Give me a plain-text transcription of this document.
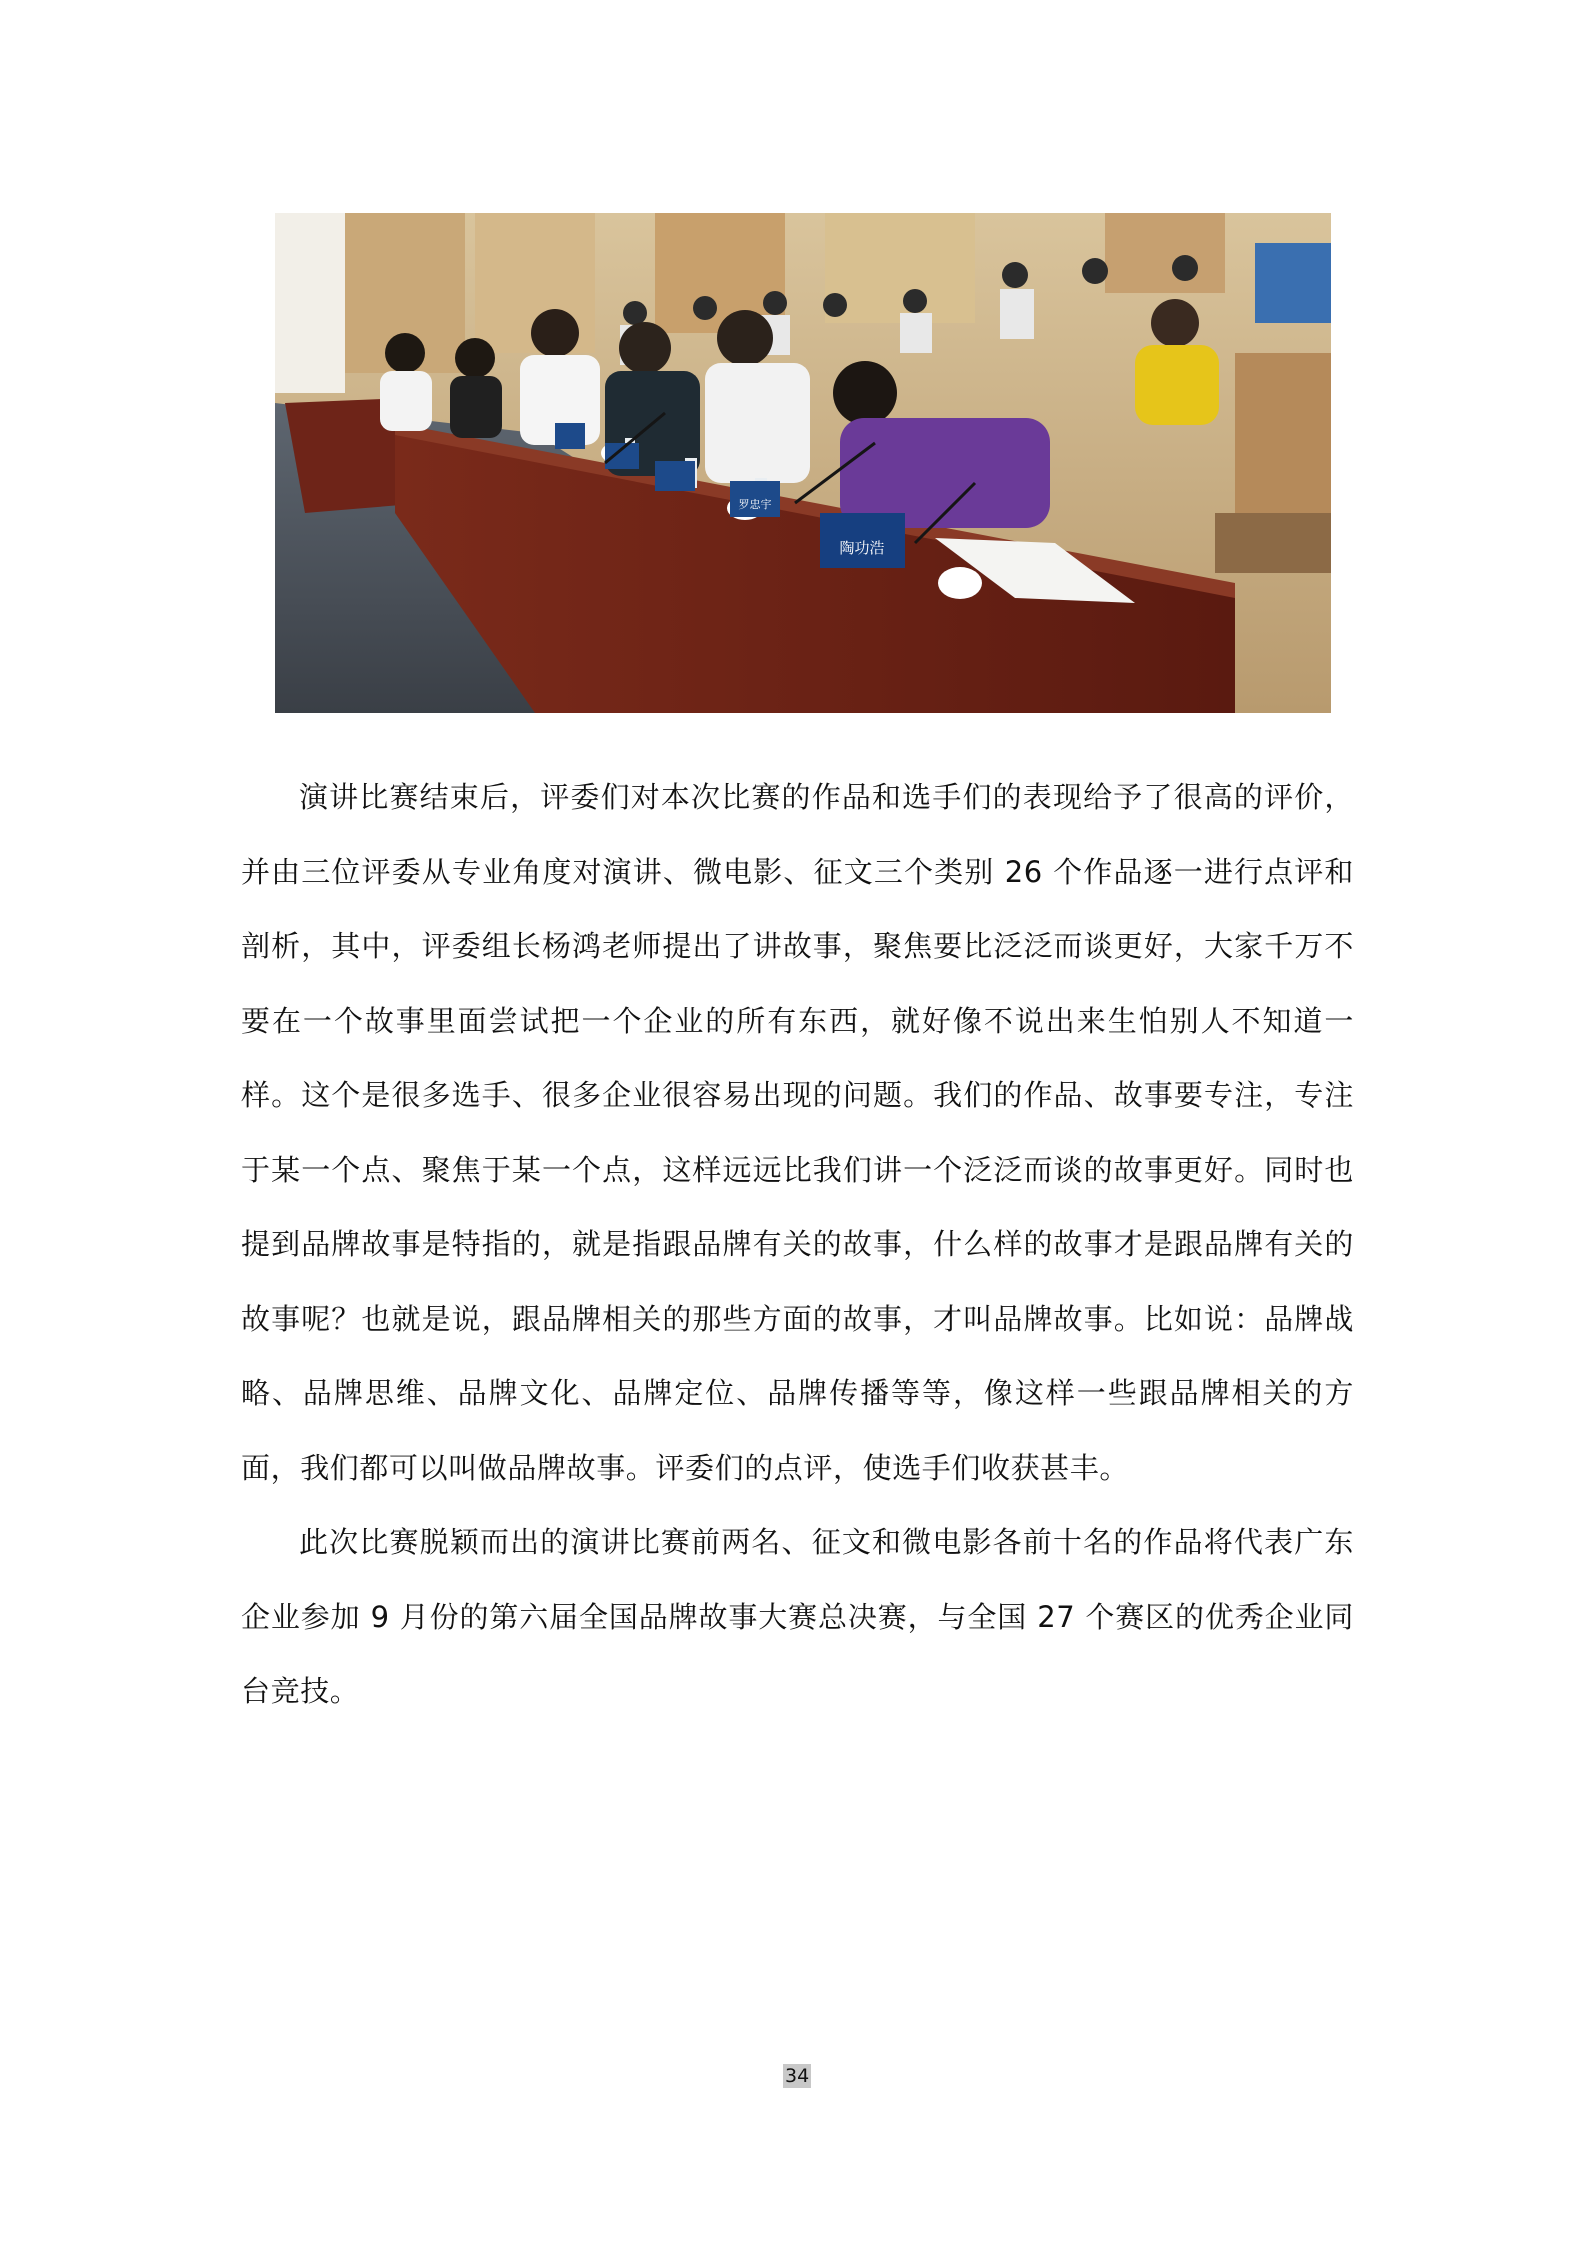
罗忠宇
陶功浩

演讲比赛结束后，评委们对本次比赛的作品和选手们的表现给予了很高的评价，并由三位评委从专业角度对演讲、微电影、征文三个类别 26 个作品逐一进行点评和剖析，其中，评委组长杨鸿老师提出了讲故事，聚焦要比泛泛而谈更好，大家千万不要在一个故事里面尝试把一个企业的所有东西，就好像不说出来生怕别人不知道一样。这个是很多选手、很多企业很容易出现的问题。我们的作品、故事要专注，专注于某一个点、聚焦于某一个点，这样远远比我们讲一个泛泛而谈的故事更好。同时也提到品牌故事是特指的，就是指跟品牌有关的故事，什么样的故事才是跟品牌有关的故事呢？也就是说，跟品牌相关的那些方面的故事，才叫品牌故事。比如说：品牌战略、品牌思维、品牌文化、品牌定位、品牌传播等等，像这样一些跟品牌相关的方面，我们都可以叫做品牌故事。评委们的点评，使选手们收获甚丰。

此次比赛脱颖而出的演讲比赛前两名、征文和微电影各前十名的作品将代表广东企业参加 9 月份的第六届全国品牌故事大赛总决赛，与全国 27 个赛区的优秀企业同台竞技。

34
